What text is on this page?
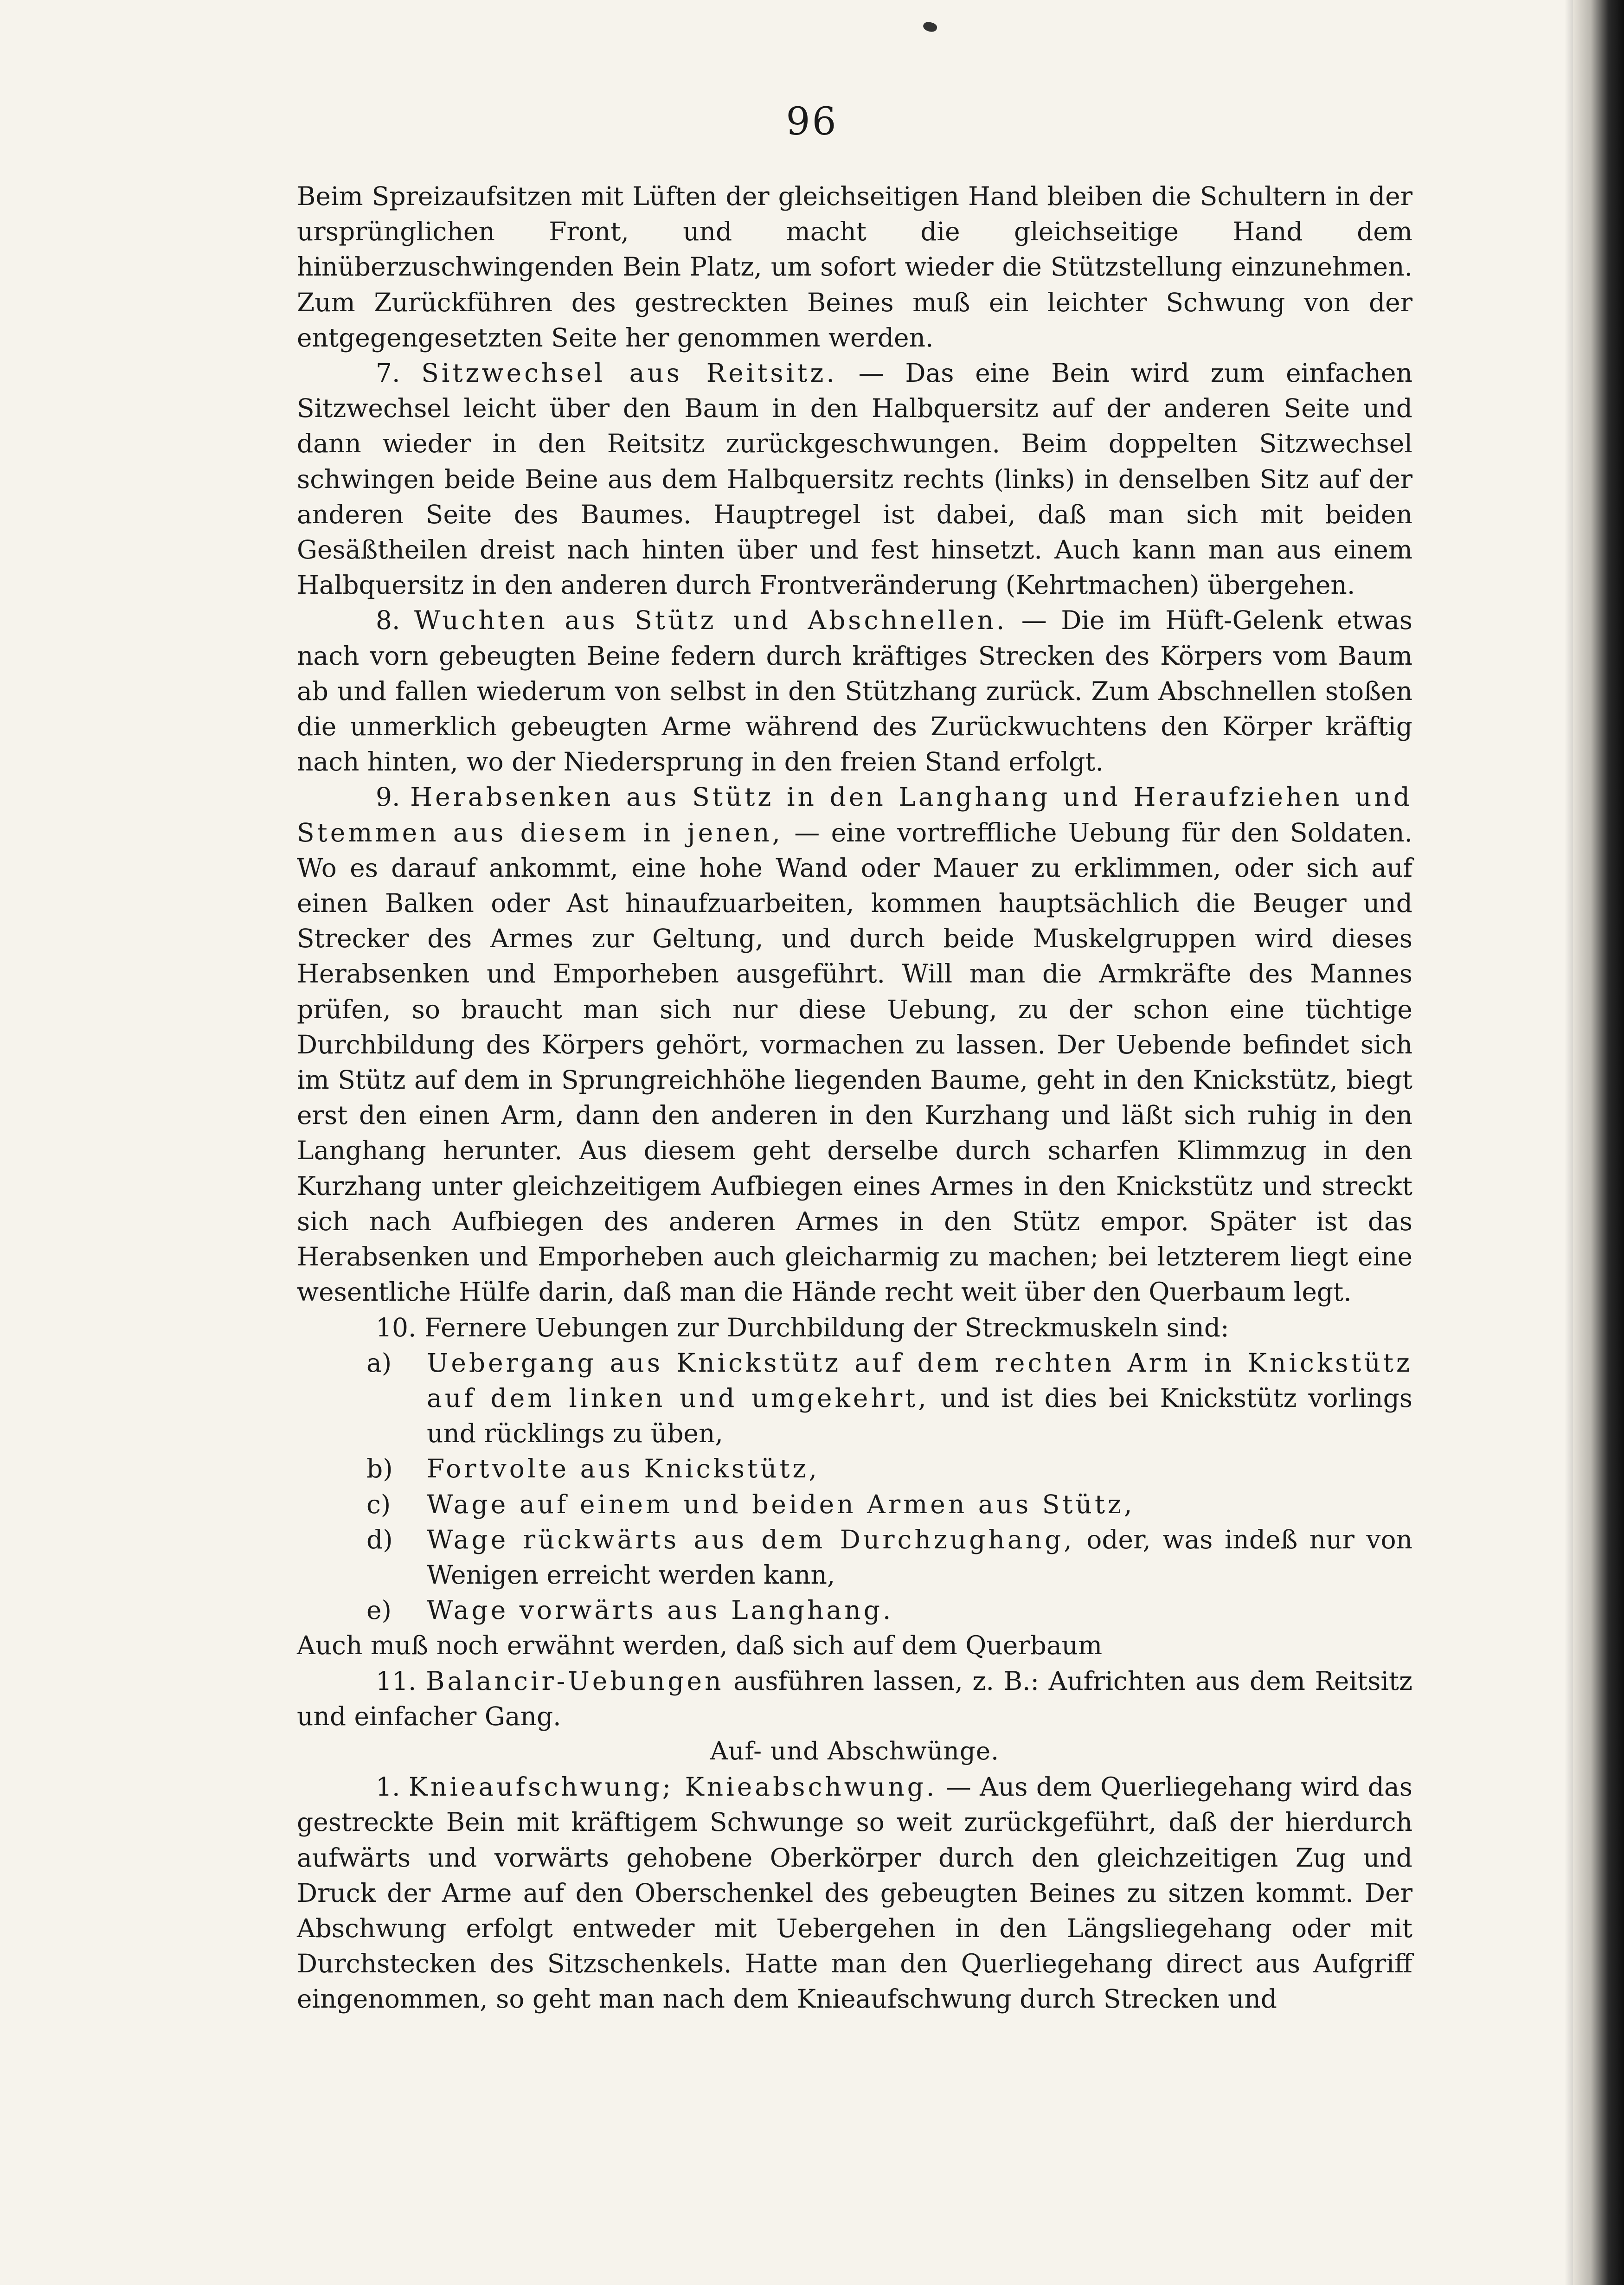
96

Beim Spreizaufsitzen mit Lüften der gleichseitigen Hand bleiben die Schultern in der ursprünglichen Front, und macht die gleichseitige Hand dem hinüberzuschwingenden Bein Platz, um sofort wieder die Stützstellung einzunehmen. Zum Zurückführen des gestreckten Beines muß ein leichter Schwung von der entgegengesetzten Seite her genommen werden.

7. Sitzwechsel aus Reitsitz. — Das eine Bein wird zum einfachen Sitzwechsel leicht über den Baum in den Halbquersitz auf der anderen Seite und dann wieder in den Reitsitz zurückgeschwungen. Beim doppelten Sitzwechsel schwingen beide Beine aus dem Halbquersitz rechts (links) in denselben Sitz auf der anderen Seite des Baumes. Hauptregel ist dabei, daß man sich mit beiden Gesäßtheilen dreist nach hinten über und fest hinsetzt. Auch kann man aus einem Halbquersitz in den anderen durch Frontveränderung (Kehrtmachen) übergehen.

8. Wuchten aus Stütz und Abschnellen. — Die im Hüft-Gelenk etwas nach vorn gebeugten Beine federn durch kräftiges Strecken des Körpers vom Baum ab und fallen wiederum von selbst in den Stützhang zurück. Zum Abschnellen stoßen die unmerklich gebeugten Arme während des Zurückwuchtens den Körper kräftig nach hinten, wo der Niedersprung in den freien Stand erfolgt.

9. Herabsenken aus Stütz in den Langhang und Heraufziehen und Stemmen aus diesem in jenen, — eine vortreffliche Uebung für den Soldaten. Wo es darauf ankommt, eine hohe Wand oder Mauer zu erklimmen, oder sich auf einen Balken oder Ast hinaufzuarbeiten, kommen hauptsächlich die Beuger und Strecker des Armes zur Geltung, und durch beide Muskelgruppen wird dieses Herabsenken und Emporheben ausgeführt. Will man die Armkräfte des Mannes prüfen, so braucht man sich nur diese Uebung, zu der schon eine tüchtige Durchbildung des Körpers gehört, vormachen zu lassen. Der Uebende befindet sich im Stütz auf dem in Sprungreichhöhe liegenden Baume, geht in den Knickstütz, biegt erst den einen Arm, dann den anderen in den Kurzhang und läßt sich ruhig in den Langhang herunter. Aus diesem geht derselbe durch scharfen Klimmzug in den Kurzhang unter gleichzeitigem Aufbiegen eines Armes in den Knickstütz und streckt sich nach Aufbiegen des anderen Armes in den Stütz empor. Später ist das Herabsenken und Emporheben auch gleicharmig zu machen; bei letzterem liegt eine wesentliche Hülfe darin, daß man die Hände recht weit über den Querbaum legt.

10. Fernere Uebungen zur Durchbildung der Streckmuskeln sind:

a) Uebergang aus Knickstütz auf dem rechten Arm in Knickstütz auf dem linken und umgekehrt, und ist dies bei Knickstütz vorlings und rücklings zu üben,

b) Fortvolte aus Knickstütz,

c) Wage auf einem und beiden Armen aus Stütz,

d) Wage rückwärts aus dem Durchzughang, oder, was indeß nur von Wenigen erreicht werden kann,

e) Wage vorwärts aus Langhang.

Auch muß noch erwähnt werden, daß sich auf dem Querbaum

11. Balancir-Uebungen ausführen lassen, z. B.: Aufrichten aus dem Reitsitz und einfacher Gang.

Auf- und Abschwünge.

1. Knieaufschwung; Knieabschwung. — Aus dem Querliegehang wird das gestreckte Bein mit kräftigem Schwunge so weit zurückgeführt, daß der hierdurch aufwärts und vorwärts gehobene Oberkörper durch den gleichzeitigen Zug und Druck der Arme auf den Oberschenkel des gebeugten Beines zu sitzen kommt. Der Abschwung erfolgt entweder mit Uebergehen in den Längsliegehang oder mit Durchstecken des Sitzschenkels. Hatte man den Querliegehang direct aus Aufgriff eingenommen, so geht man nach dem Knieaufschwung durch Strecken und
